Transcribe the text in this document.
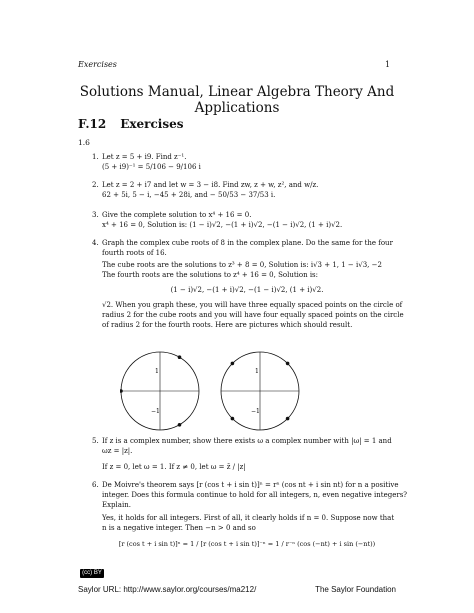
Exercises	1
Solutions Manual, Linear Algebra Theory And
Applications
F.12 Exercises
1.6
1. Let z = 5 + i9. Find z⁻¹.
(5 + i9)⁻¹ = 5/106 − 9/106 i
2. Let z = 2 + i7 and let w = 3 − i8. Find zw, z + w, z², and w/z.
62 + 5i, 5 − i, −45 + 28i, and − 50/53 − 37/53 i.
3. Give the complete solution to x⁴ + 16 = 0.
x⁴ + 16 = 0, Solution is: (1 − i)√2, −(1 + i)√2, −(1 − i)√2, (1 + i)√2.
4. Graph the complex cube roots of 8 in the complex plane. Do the same for the four
fourth roots of 16.
The cube roots are the solutions to z³ + 8 = 0, Solution is: i√3 + 1, 1 − i√3, −2
The fourth roots are the solutions to z⁴ + 16 = 0, Solution is:
(1 − i)√2, −(1 + i)√2, −(1 − i)√2, (1 + i)√2.
√2. When you graph these, you will have three equally spaced points on the circle of
radius 2 for the cube roots and you will have four equally spaced points on the circle
of radius 2 for the fourth roots. Here are pictures which should result.
1
−1
1
−1
5. If z is a complex number, show there exists ω a complex number with |ω| = 1 and
ωz = |z|.
If z = 0, let ω = 1. If z ≠ 0, let ω = z̄ / |z|
6. De Moivre's theorem says [r (cos t + i sin t)]ⁿ = rⁿ (cos nt + i sin nt) for n a positive
integer. Does this formula continue to hold for all integers, n, even negative integers?
Explain.
Yes, it holds for all integers. First of all, it clearly holds if n = 0. Suppose now that
n is a negative integer. Then −n > 0 and so
[r (cos t + i sin t)]ⁿ = 1 / [r (cos t + i sin t)]⁻ⁿ = 1 / r⁻ⁿ (cos (−nt) + i sin (−nt))
(cc) BY
Saylor URL: http://www.saylor.org/courses/ma212/	The Saylor Foundation
